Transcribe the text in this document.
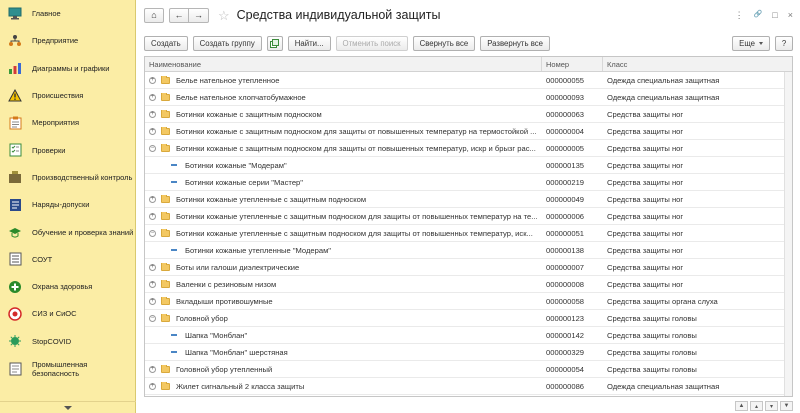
Главное
Предприятие
Диаграммы и графики
Происшествия
Мероприятия
Проверки
Производственный контроль
Наряды-допуски
Обучение и проверка знаний
СОУТ
Охрана здоровья
СИЗ и СиОС
StopCOVID
Промышленная безопасность
⌂ ← → ☆ Средства индивидуальной защиты	⋮ 🔗 □ ×
Создать	Создать группу	Найти...	Отменить поиск	Свернуть все	Развернуть все	Еще	?
Наименование	Номер	Класс
+	Белье нательное утепленное	000000055	Одежда специальная защитная
+	Белье нательное хлопчатобумажное	000000093	Одежда специальная защитная
+	Ботинки кожаные с защитным подноском	000000063	Средства защиты ног
+	Ботинки кожаные с защитным подноском для защиты от повышенных температур на термостойкой ...	000000004	Средства защиты ног
−	Ботинки кожаные с защитным подноском для защиты от повышенных температур, искр и брызг рас...	000000005	Средства защиты ног
Ботинки кожаные "Модерам"	000000135	Средства защиты ног
Ботинки кожаные серии "Мастер"	000000219	Средства защиты ног
+	Ботинки кожаные утепленные с защитным подноском	000000049	Средства защиты ног
+	Ботинки кожаные утепленные с защитным подноском для защиты от повышенных температур на те...	000000006	Средства защиты ног
−	Ботинки кожаные утепленные с защитным подноском для защиты от повышенных температур, иск...	000000051	Средства защиты ног
Ботинки кожаные утепленные "Модерам"	000000138	Средства защиты ног
+	Боты или галоши диэлектрические	000000007	Средства защиты ног
+	Валенки с резиновым низом	000000008	Средства защиты ног
+	Вкладыши противошумные	000000058	Средства защиты органа слуха
−	Головной убор	000000123	Средства защиты головы
Шапка "Монблан"	000000142	Средства защиты головы
Шапка "Монблан" шерстяная	000000329	Средства защиты головы
+	Головной убор утепленный	000000054	Средства защиты головы
+	Жилет сигнальный 2 класса защиты	000000086	Одежда специальная защитная
▲ ▴ ▾ ▼
